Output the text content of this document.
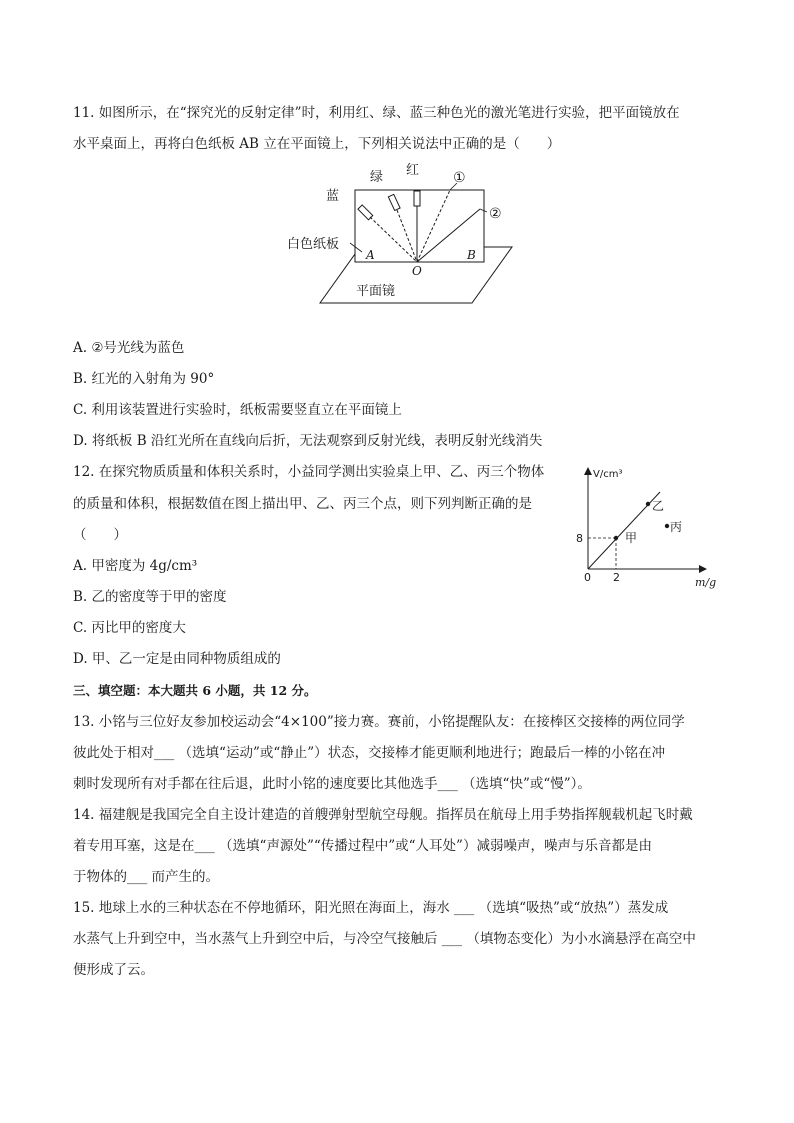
11. 如图所示，在“探究光的反射定律”时，利用红、绿、蓝三种色光的激光笔进行实验，把平面镜放在

水平桌面上，再将白色纸板 AB 立在平面镜上，下列相关说法中正确的是（　　）

蓝
绿 红 ①
②
白色纸板
A
O
B
平面镜

A. ②号光线为蓝色

B. 红光的入射角为 90°

C. 利用该装置进行实验时，纸板需要竖直立在平面镜上

D. 将纸板 B 沿红光所在直线向后折，无法观察到反射光线，表明反射光线消失

12. 在探究物质质量和体积关系时，小益同学测出实验桌上甲、乙、丙三个物体

的质量和体积，根据数值在图上描出甲、乙、丙三个点，则下列判断正确的是

（　　）

A. 甲密度为 4g/cm³

B. 乙的密度等于甲的密度

C. 丙比甲的密度大

D. 甲、乙一定是由同种物质组成的

V/cm³
m/g
8
2
0
甲
乙
丙

三、填空题：本大题共 6 小题，共 12 分。

13. 小铭与三位好友参加校运动会“4×100”接力赛。赛前，小铭提醒队友：在接棒区交接棒的两位同学

彼此处于相对___ （选填“运动”或“静止”）状态，交接棒才能更顺利地进行；跑最后一棒的小铭在冲

刺时发现所有对手都在往后退，此时小铭的速度要比其他选手___ （选填“快”或“慢”）。

14. 福建舰是我国完全自主设计建造的首艘弹射型航空母舰。指挥员在航母上用手势指挥舰载机起飞时戴

着专用耳塞，这是在___ （选填“声源处”“传播过程中”或“人耳处”）减弱噪声，噪声与乐音都是由

于物体的___ 而产生的。

15. 地球上水的三种状态在不停地循环，阳光照在海面上，海水 ___ （选填“吸热”或“放热”）蒸发成

水蒸气上升到空中，当水蒸气上升到空中后，与冷空气接触后 ___ （填物态变化）为小水滴悬浮在高空中

便形成了云。
